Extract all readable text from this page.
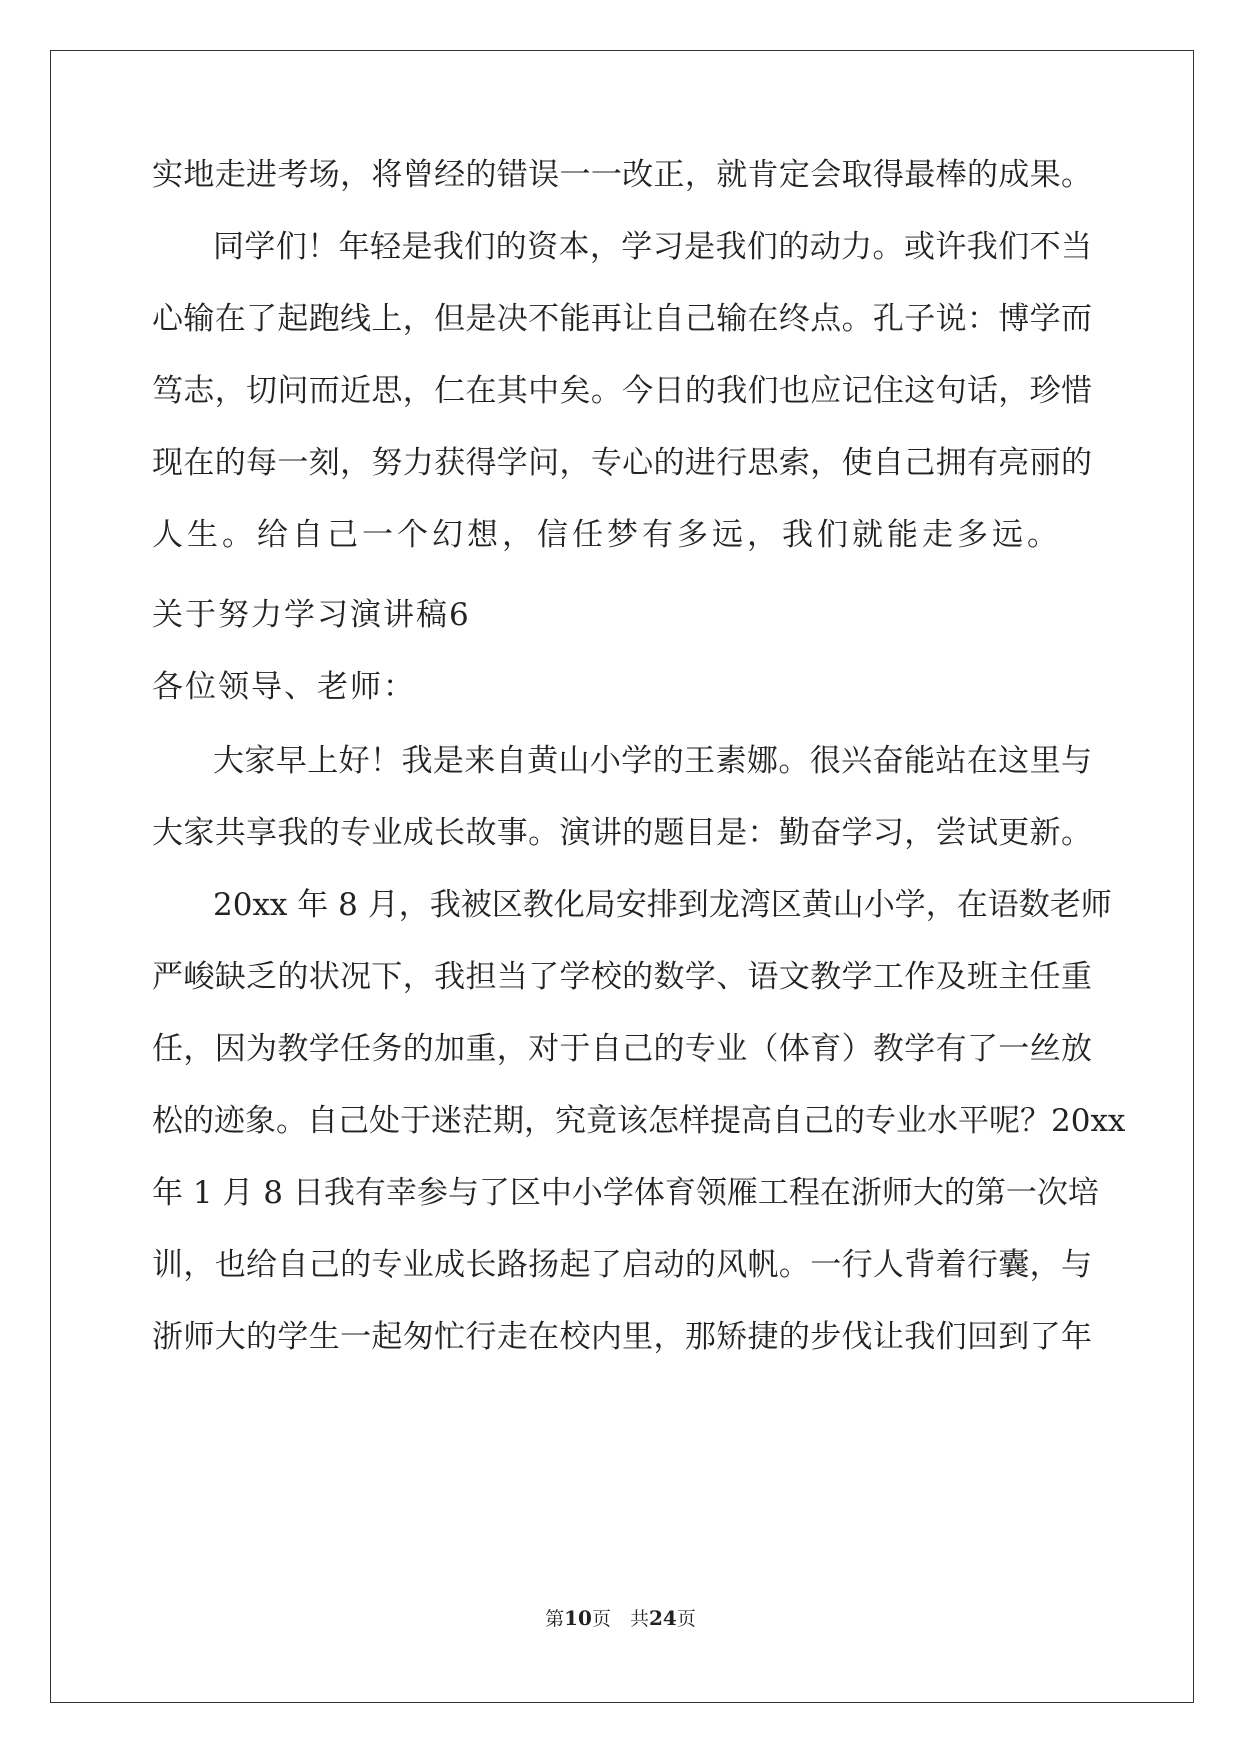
实地走进考场，将曾经的错误一一改正，就肯定会取得最棒的成果。
同学们！年轻是我们的资本，学习是我们的动力。或许我们不当
心输在了起跑线上，但是决不能再让自己输在终点。孔子说：博学而
笃志，切问而近思，仁在其中矣。今日的我们也应记住这句话，珍惜
现在的每一刻，努力获得学问，专心的进行思索，使自己拥有亮丽的
人生。给自己一个幻想，信任梦有多远，我们就能走多远。
关于努力学习演讲稿6
各位领导、老师：
大家早上好！我是来自黄山小学的王素娜。很兴奋能站在这里与
大家共享我的专业成长故事。演讲的题目是：勤奋学习，尝试更新。
20xx 年 8 月，我被区教化局安排到龙湾区黄山小学，在语数老师
严峻缺乏的状况下，我担当了学校的数学、语文教学工作及班主任重
任，因为教学任务的加重，对于自己的专业（体育）教学有了一丝放
松的迹象。自己处于迷茫期，究竟该怎样提高自己的专业水平呢？20xx
年 1 月 8 日我有幸参与了区中小学体育领雁工程在浙师大的第一次培
训，也给自己的专业成长路扬起了启动的风帆。一行人背着行囊，与
浙师大的学生一起匆忙行走在校内里，那矫捷的步伐让我们回到了年
第10页　共24页
